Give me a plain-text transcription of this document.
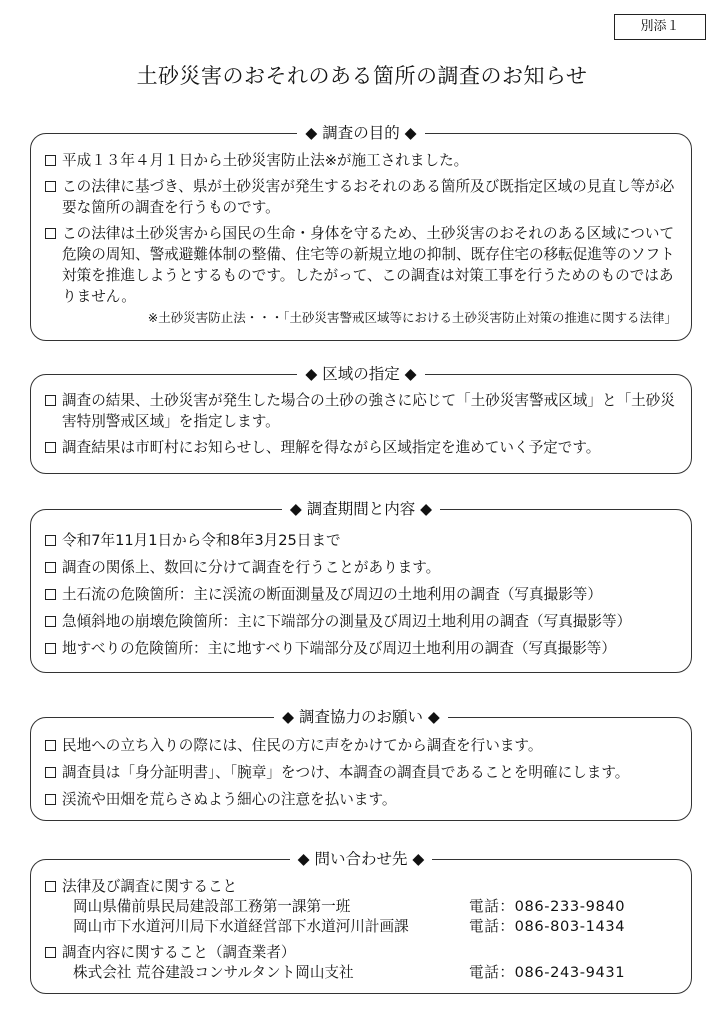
別添１
土砂災害のおそれのある箇所の調査のお知らせ
◆ 調査の目的 ◆
平成１３年４月１日から土砂災害防止法※が施工されました。
この法律に基づき、県が土砂災害が発生するおそれのある箇所及び既指定区域の見直し等が必要な箇所の調査を行うものです。
この法律は土砂災害から国民の生命・身体を守るため、土砂災害のおそれのある区域について危険の周知、警戒避難体制の整備、住宅等の新規立地の抑制、既存住宅の移転促進等のソフト対策を推進しようとするものです。したがって、この調査は対策工事を行うためのものではありません。
※土砂災害防止法・・・「土砂災害警戒区域等における土砂災害防止対策の推進に関する法律」
◆ 区域の指定 ◆
調査の結果、土砂災害が発生した場合の土砂の強さに応じて「土砂災害警戒区域」と「土砂災害特別警戒区域」を指定します。
調査結果は市町村にお知らせし、理解を得ながら区域指定を進めていく予定です。
◆ 調査期間と内容 ◆
令和7年11月1日から令和8年3月25日まで
調査の関係上、数回に分けて調査を行うことがあります。
土石流の危険箇所：主に渓流の断面測量及び周辺の土地利用の調査（写真撮影等）
急傾斜地の崩壊危険箇所：主に下端部分の測量及び周辺土地利用の調査（写真撮影等）
地すべりの危険箇所：主に地すべり下端部分及び周辺土地利用の調査（写真撮影等）
◆ 調査協力のお願い ◆
民地への立ち入りの際には、住民の方に声をかけてから調査を行います。
調査員は「身分証明書」、「腕章」をつけ、本調査の調査員であることを明確にします。
渓流や田畑を荒らさぬよう細心の注意を払います。
◆ 問い合わせ先 ◆
法律及び調査に関すること
岡山県備前県民局建設部工務第一課第一班	電話：086-233-9840
岡山市下水道河川局下水道経営部下水道河川計画課	電話：086-803-1434
調査内容に関すること（調査業者）
株式会社 荒谷建設コンサルタント岡山支社	電話：086-243-9431
